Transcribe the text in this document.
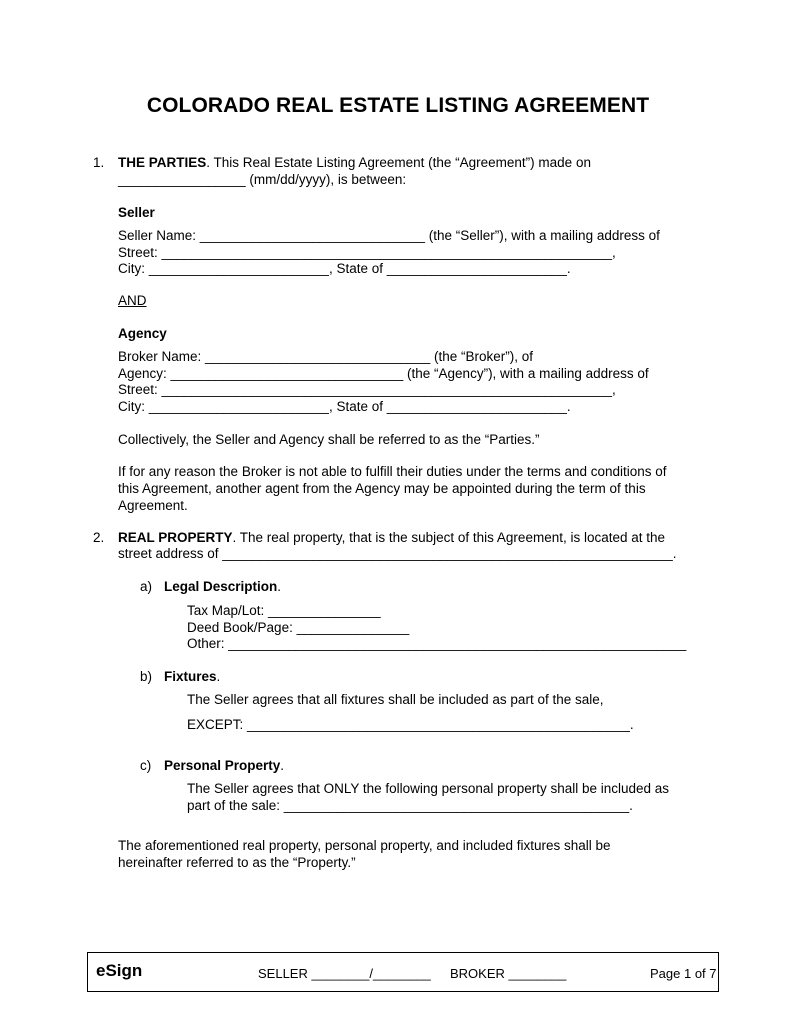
COLORADO REAL ESTATE LISTING AGREEMENT
1. THE PARTIES. This Real Estate Listing Agreement (the “Agreement”) made on
_________________ (mm/dd/yyyy), is between:
Seller
Seller Name: ______________________________ (the “Seller”), with a mailing address of
Street: ____________________________________________________________,
City: ________________________, State of ________________________.
AND
Agency
Broker Name: ______________________________ (the “Broker”), of
Agency: _______________________________ (the “Agency”), with a mailing address of
Street: ____________________________________________________________,
City: ________________________, State of ________________________.
Collectively, the Seller and Agency shall be referred to as the “Parties.”
If for any reason the Broker is not able to fulfill their duties under the terms and conditions of
this Agreement, another agent from the Agency may be appointed during the term of this
Agreement.
2. REAL PROPERTY. The real property, that is the subject of this Agreement, is located at the
street address of ____________________________________________________________.
a) Legal Description.
Tax Map/Lot: _______________
Deed Book/Page: _______________
Other: _____________________________________________________________
b) Fixtures.
The Seller agrees that all fixtures shall be included as part of the sale,
EXCEPT: ___________________________________________________.
c) Personal Property.
The Seller agrees that ONLY the following personal property shall be included as
part of the sale: ______________________________________________.
The aforementioned real property, personal property, and included fixtures shall be
hereinafter referred to as the “Property.”
eSign	SELLER ________/________ BROKER ________	Page 1 of 7
